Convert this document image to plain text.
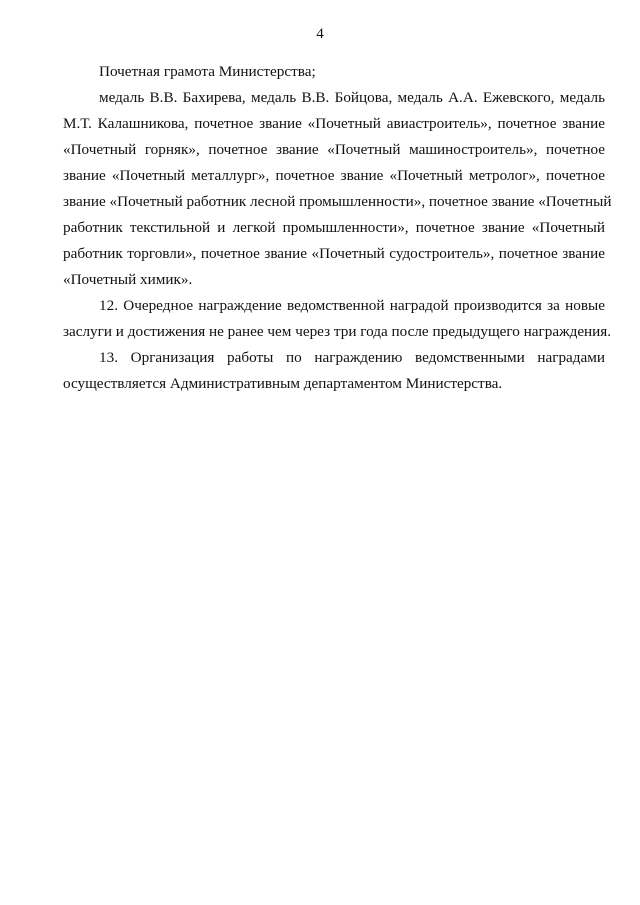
4
Почетная грамота Министерства;
медаль В.В. Бахирева, медаль В.В. Бойцова, медаль А.А. Ежевского, медаль
М.Т. Калашникова, почетное звание «Почетный авиастроитель», почетное звание
«Почетный горняк», почетное звание «Почетный машиностроитель», почетное
звание «Почетный металлург», почетное звание «Почетный метролог», почетное
звание «Почетный работник лесной промышленности», почетное звание «Почетный
работник текстильной и легкой промышленности», почетное звание «Почетный
работник торговли», почетное звание «Почетный судостроитель», почетное звание
«Почетный химик».
12. Очередное награждение ведомственной наградой производится за новые
заслуги и достижения не ранее чем через три года после предыдущего награждения.
13. Организация работы по награждению ведомственными наградами
осуществляется Административным департаментом Министерства.
